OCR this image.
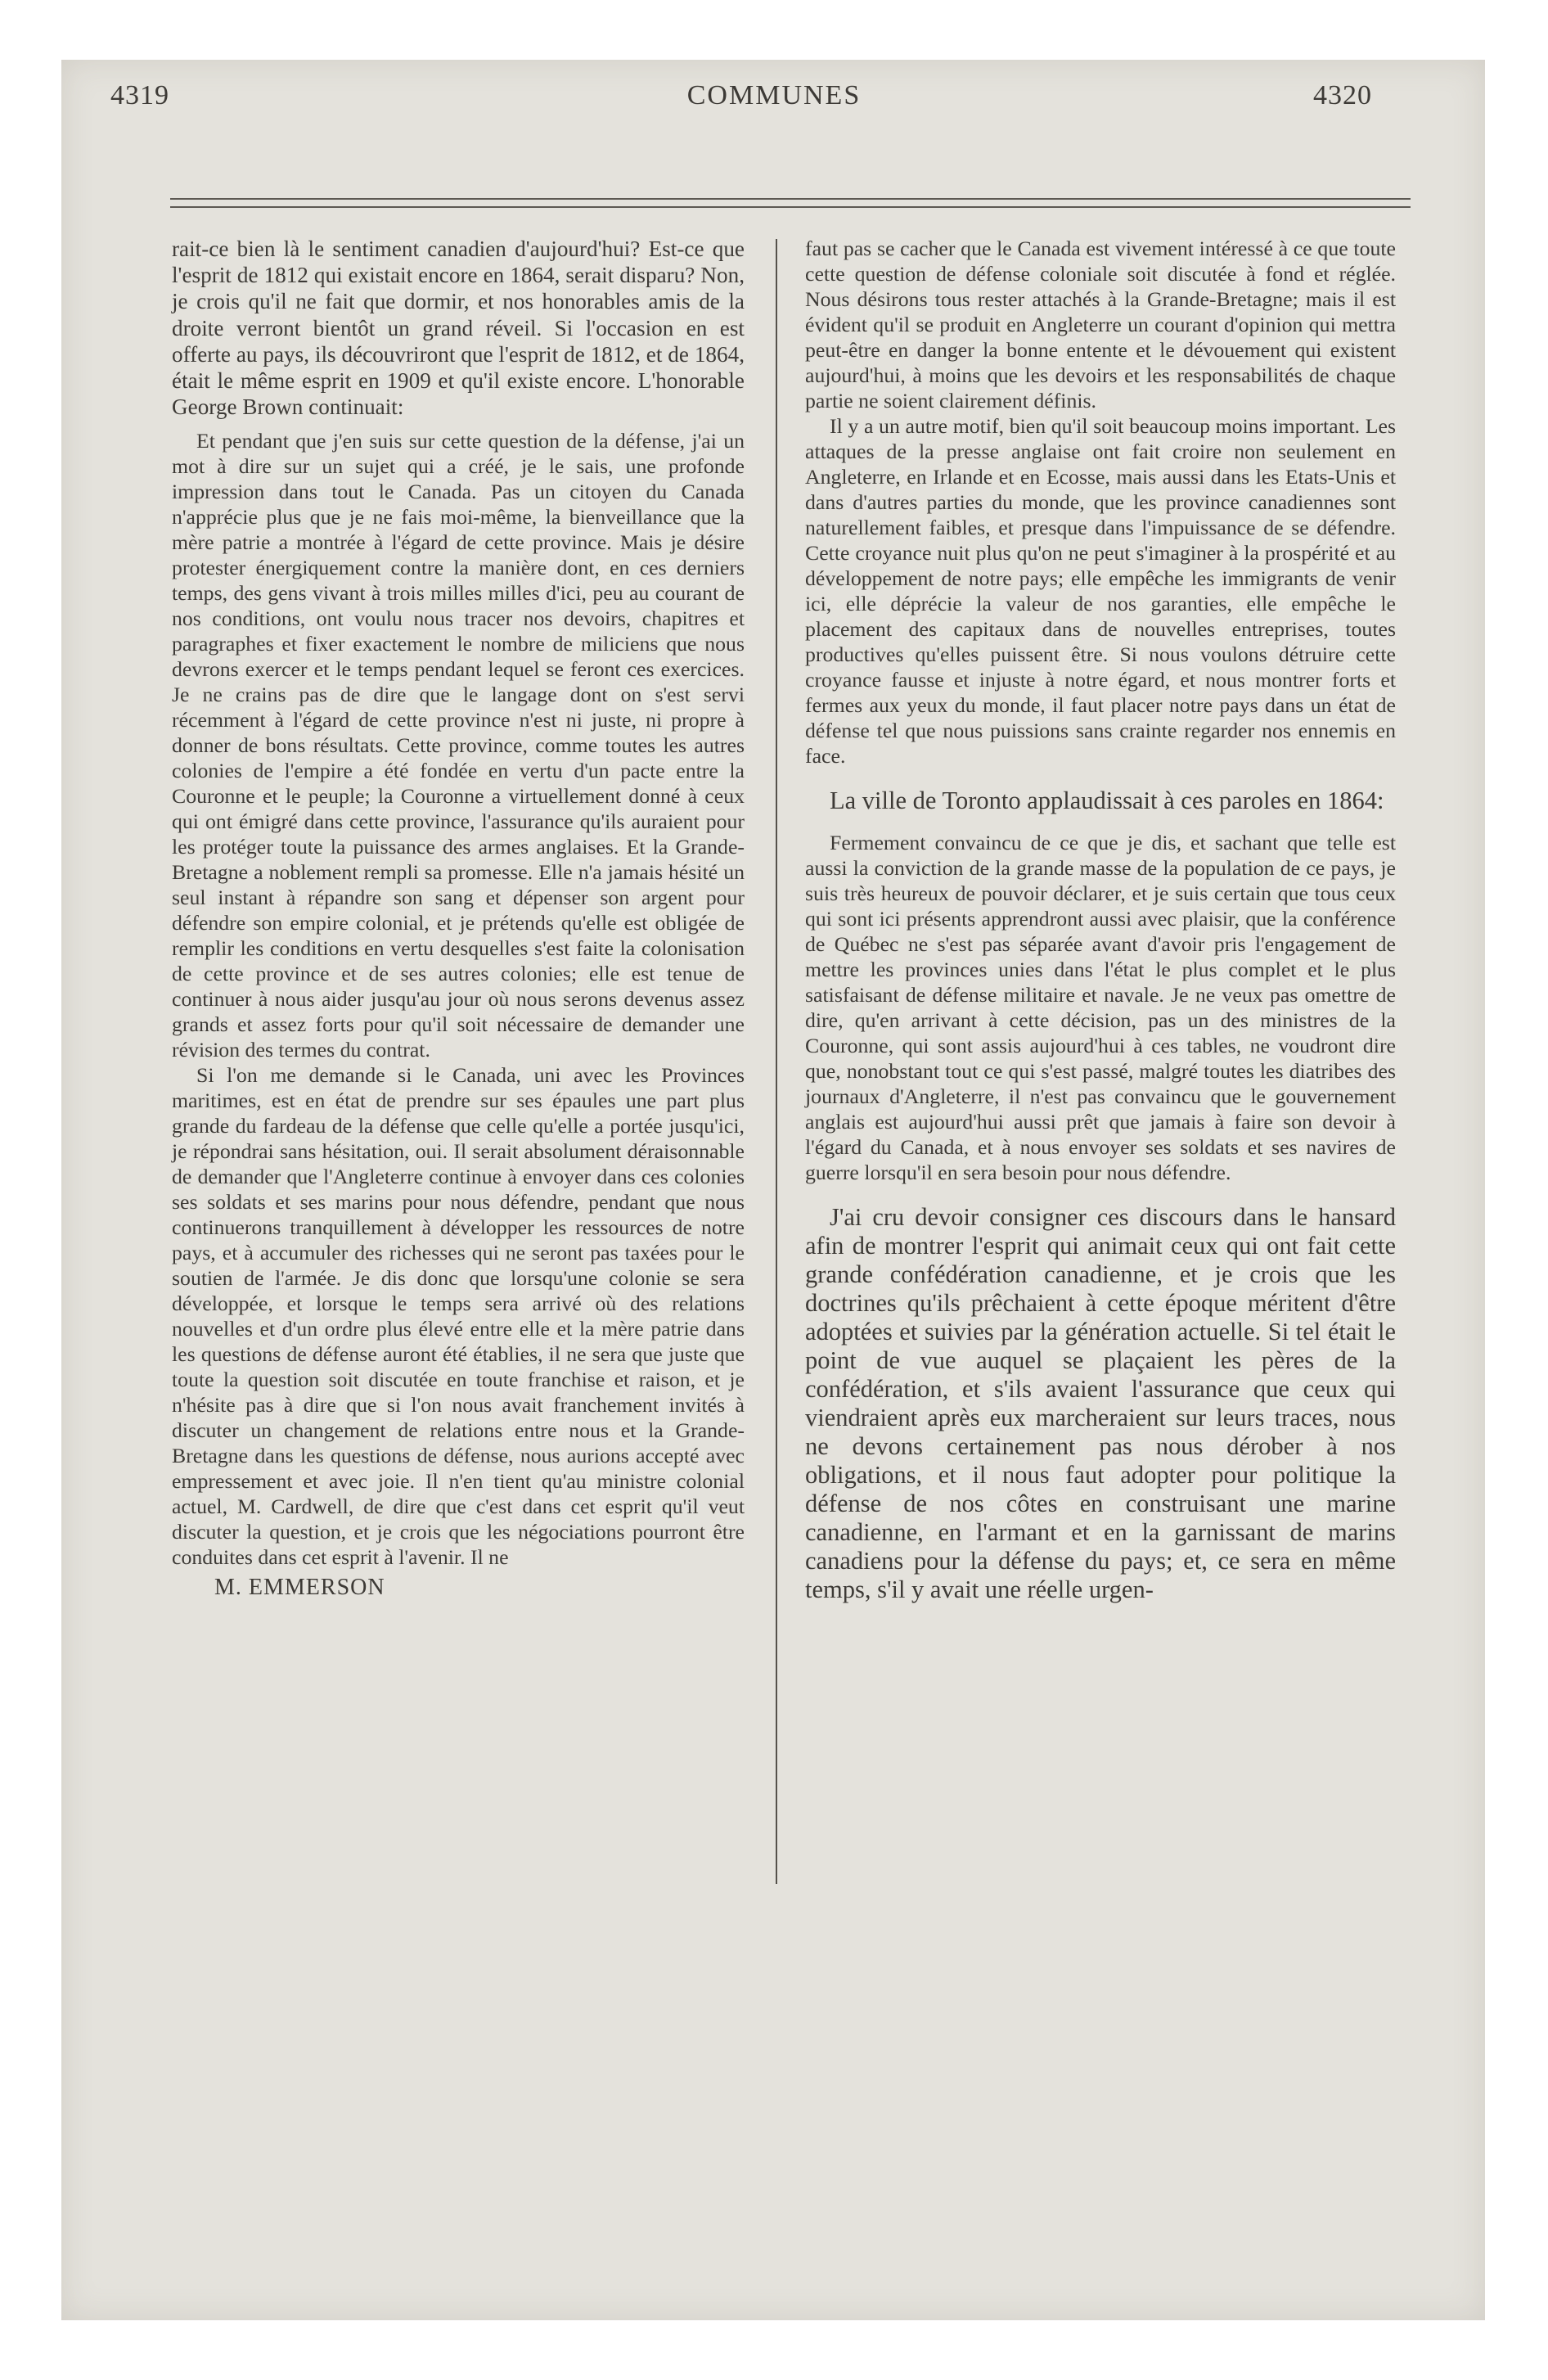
4319	COMMUNES	4320

rait-ce bien là le sentiment canadien d'aujourd'hui? Est-ce que l'esprit de 1812 qui existait encore en 1864, serait disparu? Non, je crois qu'il ne fait que dormir, et nos honorables amis de la droite verront bientôt un grand réveil. Si l'occasion en est offerte au pays, ils découvriront que l'esprit de 1812, et de 1864, était le même esprit en 1909 et qu'il existe encore. L'honorable George Brown continuait:

Et pendant que j'en suis sur cette question de la défense, j'ai un mot à dire sur un sujet qui a créé, je le sais, une profonde impression dans tout le Canada. Pas un citoyen du Canada n'apprécie plus que je ne fais moi-même, la bienveillance que la mère patrie a montrée à l'égard de cette province. Mais je désire protester énergiquement contre la manière dont, en ces derniers temps, des gens vivant à trois milles milles d'ici, peu au courant de nos conditions, ont voulu nous tracer nos devoirs, chapitres et paragraphes et fixer exactement le nombre de miliciens que nous devrons exercer et le temps pendant lequel se feront ces exercices. Je ne crains pas de dire que le langage dont on s'est servi récemment à l'égard de cette province n'est ni juste, ni propre à donner de bons résultats. Cette province, comme toutes les autres colonies de l'empire a été fondée en vertu d'un pacte entre la Couronne et le peuple; la Couronne a virtuellement donné à ceux qui ont émigré dans cette province, l'assurance qu'ils auraient pour les protéger toute la puissance des armes anglaises. Et la Grande-Bretagne a noblement rempli sa promesse. Elle n'a jamais hésité un seul instant à répandre son sang et dépenser son argent pour défendre son empire colonial, et je prétends qu'elle est obligée de remplir les conditions en vertu desquelles s'est faite la colonisation de cette province et de ses autres colonies; elle est tenue de continuer à nous aider jusqu'au jour où nous serons devenus assez grands et assez forts pour qu'il soit nécessaire de demander une révision des termes du contrat.

Si l'on me demande si le Canada, uni avec les Provinces maritimes, est en état de prendre sur ses épaules une part plus grande du fardeau de la défense que celle qu'elle a portée jusqu'ici, je répondrai sans hésitation, oui. Il serait absolument déraisonnable de demander que l'Angleterre continue à envoyer dans ces colonies ses soldats et ses marins pour nous défendre, pendant que nous continuerons tranquillement à développer les ressources de notre pays, et à accumuler des richesses qui ne seront pas taxées pour le soutien de l'armée. Je dis donc que lorsqu'une colonie se sera développée, et lorsque le temps sera arrivé où des relations nouvelles et d'un ordre plus élevé entre elle et la mère patrie dans les questions de défense auront été établies, il ne sera que juste que toute la question soit discutée en toute franchise et raison, et je n'hésite pas à dire que si l'on nous avait franchement invités à discuter un changement de relations entre nous et la Grande-Bretagne dans les questions de défense, nous aurions accepté avec empressement et avec joie. Il n'en tient qu'au ministre colonial actuel, M. Cardwell, de dire que c'est dans cet esprit qu'il veut discuter la question, et je crois que les négociations pourront être conduites dans cet esprit à l'avenir. Il ne

M. EMMERSON

faut pas se cacher que le Canada est vivement intéressé à ce que toute cette question de défense coloniale soit discutée à fond et réglée. Nous désirons tous rester attachés à la Grande-Bretagne; mais il est évident qu'il se produit en Angleterre un courant d'opinion qui mettra peut-être en danger la bonne entente et le dévouement qui existent aujourd'hui, à moins que les devoirs et les responsabilités de chaque partie ne soient clairement définis.

Il y a un autre motif, bien qu'il soit beaucoup moins important. Les attaques de la presse anglaise ont fait croire non seulement en Angleterre, en Irlande et en Ecosse, mais aussi dans les Etats-Unis et dans d'autres parties du monde, que les province canadiennes sont naturellement faibles, et presque dans l'impuissance de se défendre. Cette croyance nuit plus qu'on ne peut s'imaginer à la prospérité et au développement de notre pays; elle empêche les immigrants de venir ici, elle déprécie la valeur de nos garanties, elle empêche le placement des capitaux dans de nouvelles entreprises, toutes productives qu'elles puissent être. Si nous voulons détruire cette croyance fausse et injuste à notre égard, et nous montrer forts et fermes aux yeux du monde, il faut placer notre pays dans un état de défense tel que nous puissions sans crainte regarder nos ennemis en face.

La ville de Toronto applaudissait à ces paroles en 1864:

Fermement convaincu de ce que je dis, et sachant que telle est aussi la conviction de la grande masse de la population de ce pays, je suis très heureux de pouvoir déclarer, et je suis certain que tous ceux qui sont ici présents apprendront aussi avec plaisir, que la conférence de Québec ne s'est pas séparée avant d'avoir pris l'engagement de mettre les provinces unies dans l'état le plus complet et le plus satisfaisant de défense militaire et navale. Je ne veux pas omettre de dire, qu'en arrivant à cette décision, pas un des ministres de la Couronne, qui sont assis aujourd'hui à ces tables, ne voudront dire que, nonobstant tout ce qui s'est passé, malgré toutes les diatribes des journaux d'Angleterre, il n'est pas convaincu que le gouvernement anglais est aujourd'hui aussi prêt que jamais à faire son devoir à l'égard du Canada, et à nous envoyer ses soldats et ses navires de guerre lorsqu'il en sera besoin pour nous défendre.

J'ai cru devoir consigner ces discours dans le hansard afin de montrer l'esprit qui animait ceux qui ont fait cette grande confédération canadienne, et je crois que les doctrines qu'ils prêchaient à cette époque méritent d'être adoptées et suivies par la génération actuelle. Si tel était le point de vue auquel se plaçaient les pères de la confédération, et s'ils avaient l'assurance que ceux qui viendraient après eux marcheraient sur leurs traces, nous ne devons certainement pas nous dérober à nos obligations, et il nous faut adopter pour politique la défense de nos côtes en construisant une marine canadienne, en l'armant et en la garnissant de marins canadiens pour la défense du pays; et, ce sera en même temps, s'il y avait une réelle urgen-
